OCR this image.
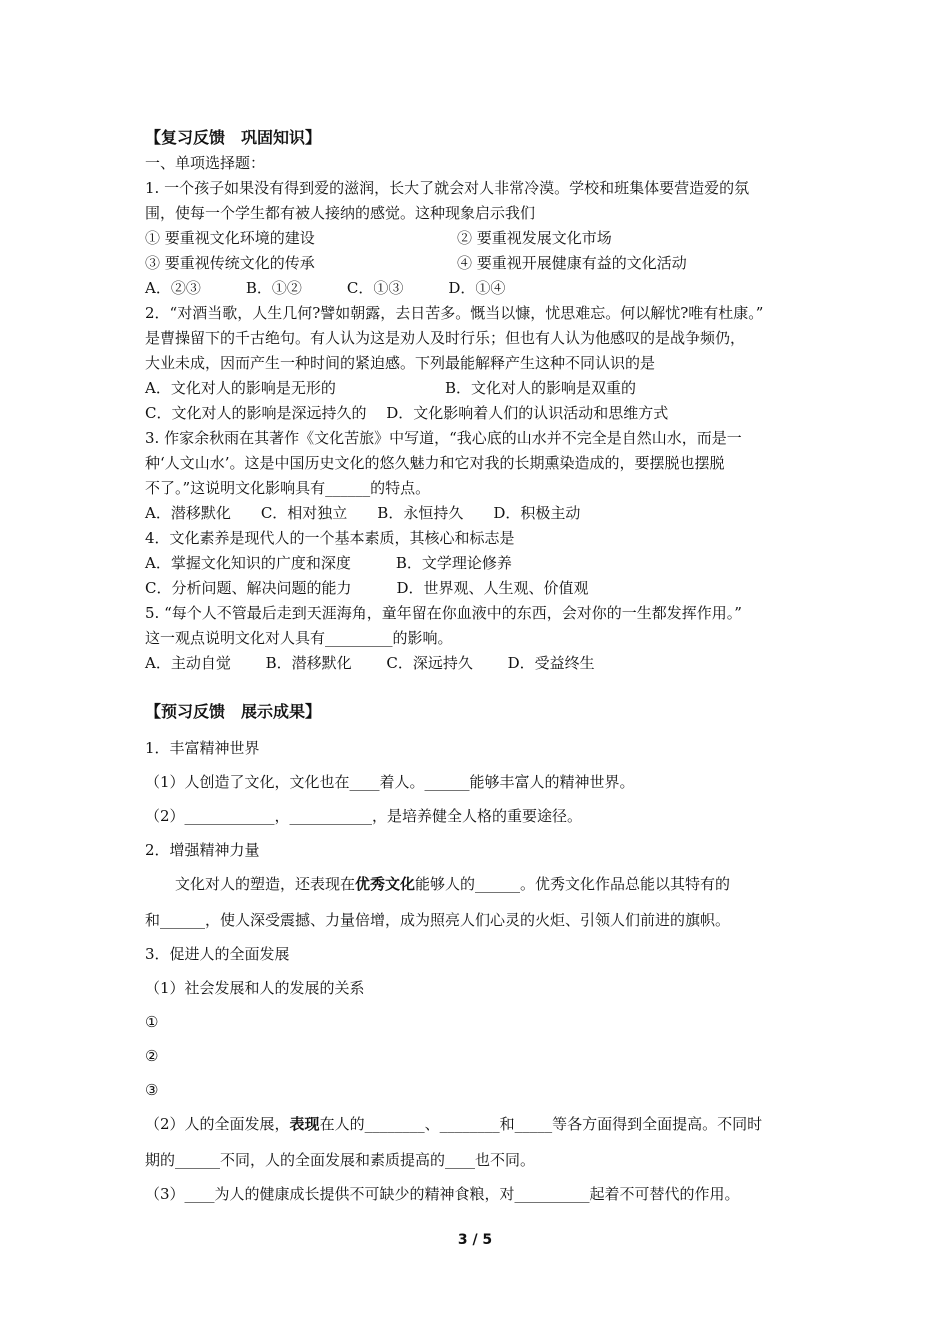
【复习反馈　巩固知识】
一、单项选择题：
1. 一个孩子如果没有得到爱的滋润，长大了就会对人非常冷漠。学校和班集体要营造爱的氛
围，使每一个学生都有被人接纳的感觉。这种现象启示我们
① 要重视文化环境的建设	② 要重视发展文化市场
③ 要重视传统文化的传承	④ 要重视开展健康有益的文化活动
A．②③　　　B．①②　　　C．①③　　　D．①④
2．“对酒当歌，人生几何?譬如朝露，去日苦多。慨当以慷，忧思难忘。何以解忧?唯有杜康。”
是曹操留下的千古绝句。有人认为这是劝人及时行乐；但也有人认为他感叹的是战争频仍，
大业未成，因而产生一种时间的紧迫感。下列最能解释产生这种不同认识的是
A．文化对人的影响是无形的	B．文化对人的影响是双重的
C．文化对人的影响是深远持久的　 D．文化影响着人们的认识活动和思维方式
3. 作家余秋雨在其著作《文化苦旅》中写道，“我心底的山水并不完全是自然山水，而是一
种‘人文山水’。这是中国历史文化的悠久魅力和它对我的长期熏染造成的，要摆脱也摆脱
不了。”这说明文化影响具有______的特点。
A．潜移默化　　C．相对独立　　B．永恒持久　　D．积极主动
4．文化素养是现代人的一个基本素质，其核心和标志是
A．掌握文化知识的广度和深度　　　B．文学理论修养
C．分析问题、解决问题的能力　　　D．世界观、人生观、价值观
5. “每个人不管最后走到天涯海角，童年留在你血液中的东西，会对你的一生都发挥作用。”
这一观点说明文化对人具有_________的影响。
A．主动自觉　　 B．潜移默化　　 C．深远持久　　 D．受益终生
【预习反馈　展示成果】
1．丰富精神世界
（1）人创造了文化，文化也在____着人。______能够丰富人的精神世界。
（2）____________，___________，是培养健全人格的重要途径。
2．增强精神力量
　　文化对人的塑造，还表现在优秀文化能够人的______。优秀文化作品总能以其特有的
和______，使人深受震撼、力量倍增，成为照亮人们心灵的火炬、引领人们前进的旗帜。
3．促进人的全面发展
（1）社会发展和人的发展的关系
①
②
③
（2）人的全面发展，表现在人的________、________和_____等各方面得到全面提高。不同时
期的______不同，人的全面发展和素质提高的____也不同。
（3）____为人的健康成长提供不可缺少的精神食粮，对__________起着不可替代的作用。
3 / 5
